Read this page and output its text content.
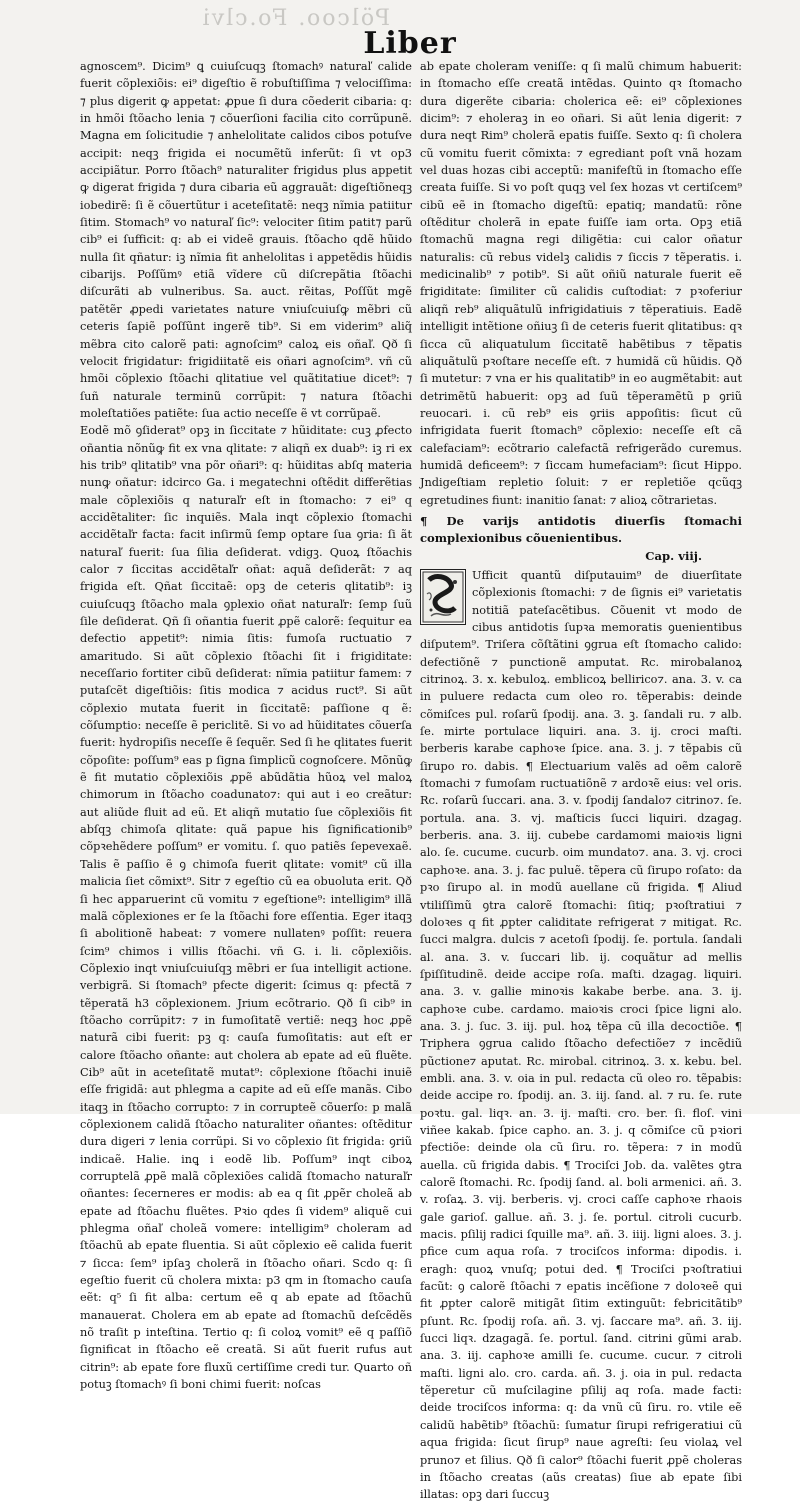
Pölcoo. Fo.clvi
Liber

agnoscem⁹. Dicim⁹ ꝗ cuiuſcuqꝫ ſtomachꝰ naturaľ calide fuerit cõplexiõis: ei⁹ digeſtio ẽ robuſtiſſima ⁊ velociſſima: ⁊ plus digerit ꝙ appetat: ꝓpue ſi dura cõederit cibaria: q: in hmõi ſtõacho lenia ⁊ cõuerſioni facilia cito corrũpunẽ. Magna em ſolicitudie ⁊ anhelolitate calidos cibos potuſve accipit: neqꝫ frigida ei nocumẽtũ inferũt: ſi vt op3 accipiãtur. Porro ſtõach⁹ naturaliter frigidus plus appetit ꝙ digerat frigida ⁊ dura cibaria eũ aggrauãt: digeſtiõneqꝫ iobedirẽ: ſi ẽ cõuertũtur i aceteſitatẽ: neqꝫ nĩmia patiitur ſitim. Stomach⁹ vo naturaľ ſic⁹: velociter ſitim patit⁊ parũ cib⁹ ei ſufficit: q: ab ei videẽ grauis. ſtõacho qdẽ hũido nulla ſit qñatur: iꝫ nĩmia fit anhelolitas i appetẽdis hũidis cibarijs. Poſſũmꝰ etiã vĩdere cũ diſcrepãtia ſtõachi diſcurãti ab vulneribus. Sa. auct. rẽitas, Poſſũt mgẽ patẽtẽr ꝓpedi varietates nature vniuſcuiuſꝙ mẽbri cũ ceteris ſapiẽ poſſũnt ingerẽ tib⁹. Si em viderim⁹ aliq̃ mẽbra cito calorẽ pati: agnoſcim⁹ caloꝝ eis oñaľ. Qð ſi velocit frigidatur: frigidiitatẽ eis oñari agnoſcim⁹. vñ cũ hmõi cõplexio ſtõachi qlitatiue vel quãtitatiue dicet⁹: ⁊ ſuñ naturale terminũ corrũpit: ⁊ natura ſtõachi moleſtatiões patiẽte: ſua actio neceſſe ẽ vt corrũpaẽ.

Eodẽ mõ ꝯſiderat⁹ opꝫ in ſiccitate ⁊ hũiditate: cuꝫ ꝓfecto oñantia nõnũꝙ fit ex vna qlitate: ⁊ aliqñ ex duab⁹: iꝫ ri ex his trib⁹ qlitatib⁹ vna põr oñari⁹: q: hũiditas abſq materia nunꝙ oñatur: idcirco Ga. i megatechni oſtẽdit differẽtias male cõplexiõis q naturaľr eſt in ſtomacho: ⁊ ei⁹ q accidẽtaliter: ſic inquiẽs. Mala inqt cõplexio ſtomachi accidẽtaľr facta: facit inſirmũ ſemp optare ſua ꝯria: ſi ãt naturaľ fuerit: ſua ſilia deſiderat. vdigꝫ. Quoꝝ ſtõachis calor ⁊ ſiccitas accidẽtaľr oñat: aquã deſiderãt: ⁊ aq frigida eſt. Qñat ſiccitaẽ: opꝫ de ceteris qlitatib⁹: iꝫ cuiuſcuqꝫ ſtõacho mala ꝯplexio oñat naturaľr: ſemp ſuũ ſile deſiderat. Qñ ſi oñantia fuerit ꝓpẽ calorẽ: ſequitur ea defectio appetit⁹: nimia ſitis: fumoſa ructuatio ⁊ amaritudo. Si aũt cõplexio ſtõachi ſit i frigiditate: neceſſario fortiter cibũ deſiderat: nĩmia patiitur famem: ⁊ putaſcẽt digeſtiõis: ſitis modica ⁊ acidus ruct⁹. Si aũt cõplexio mutata fuerit in ſiccitatẽ: paſſione q ẽ: cõſumptio: neceſſe ẽ periclitẽ. Si vo ad hũiditates cõuerſa fuerit: hydropiſis neceſſe ẽ ſequẽr. Sed ſi he qlitates fuerit cõpoſite: poſſum⁹ eas p ſigna ſimplicũ cognoſcere. Mõnũꝙ ẽ fit mutatio cõplexiõis ꝓpẽ abũdãtia hũoꝝ vel maloꝝ chimorum in ſtõacho coadunato⁊: qui aut i eo creãtur: aut aliũde fluit ad eũ. Et aliqñ mutatio ſue cõplexiõis fit abſqꝫ chimoſa qlitate: quã papue his ſignificationib⁹ cõpꝛehẽdere poſſum⁹ er vomitu. ſ. quo patiẽs ſepevexaẽ. Talis ẽ paſſio ẽ ꝯ chimoſa fuerit qlitate: vomit⁹ cũ illa malicia ſiet cõmixt⁹. Sitr ⁊ egeſtio cũ ea obuoluta erit. Qð ſi hec apparuerint cũ vomitu ⁊ egeſtione⁹: intelligim⁹ illã malã cõplexiones er ſe la ſtõachi fore eſſentia. Eger itaqꝫ ſi abolitionẽ habeat: ⁊ vomere nullatenꝰ poſſit: reuera ſcim⁹ chimos i villis ſtõachi. vñ G. i. li. cõplexiõis. Cõplexio inqt vniuſcuiuſqꝫ mẽbri er ſua intelligit actione. verbigrã. Si ſtomach⁹ pfecte digerit: ſcimus q: pfectã ⁊ tẽperatã h3 cõplexionem. Jrium ecõtrario. Qð ſi cib⁹ in ſtõacho corrũpit⁊: ⁊ in fumoſitatẽ vertiẽ: neqꝫ hoc ꝓpẽ naturã cibi fuerit: pꝫ q: cauſa fumoſitatis: aut eſt er calore ſtõacho oñante: aut cholera ab epate ad eũ fluẽte. Cib⁹ aũt in aceteſitatẽ mutat⁹: cõplexione ſtõachi inuiẽ eſſe frigidã: aut phlegma a capite ad eũ eſſe manãs. Cibo itaqꝫ in ſtõacho corrupto: ⁊ in corrupteẽ cõuerſo: p malã cõplexionem calidã ſtõacho naturaliter oñantes: oſtẽditur dura digeri ⁊ lenia corrũpi. Si vo cõplexio ſit frigida: ꝯriũ indicaẽ. Halie. inꝗ i eodẽ lib. Poſſum⁹ inqt ciboꝝ corruptelã ꝓpẽ malã cõplexiões calidã ſtomacho naturaľr oñantes: ſecerneres er modis: ab ea q ſit ꝓpẽr choleã ab epate ad ſtõachu fluẽtes. Pꝛio qdes ſi videm⁹ aliquẽ cui phlegma oñaľ choleã vomere: intelligim⁹ choleram ad ſtõachũ ab epate fluentia. Si aũt cõplexio eẽ calida fuerit ⁊ ſicca: ſem⁹ ipſaꝫ cholerã in ſtõacho oñari. Scdo q: ſi egeſtio fuerit cũ cholera mixta: p3 qm in ſtomacho cauſa eẽt: q⁵ ſi fit alba: certum eẽ q ab epate ad ſtõachũ manauerat. Cholera em ab epate ad ſtomachũ deſcẽdẽs nõ traſit p inteſtina. Tertio q: ſi coloꝝ vomit⁹ eẽ q paſſiõ ſignificat in ſtõacho eẽ creatã. Si aũt fuerit rufus aut citrin⁹: ab epate fore fluxũ certiſſime credi tur. Quarto oñ potuꝫ ſtomachꝰ ſi boni chimi fuerit: noſcas

ab epate choleram veniſſe: q ſi malũ chimum habuerit: in ſtomacho eſſe creatã intẽdas. Quinto qꝛ ſtomacho dura digerẽte cibaria: cholerica eẽ: ei⁹ cõplexiones dicim⁹: ⁊ eholeraꝫ in eo oñari. Si aũt lenia digerit: ⁊ dura neqt Rim⁹ cholerã epatis fuiſſe. Sexto q: ſi cholera cũ vomitu fuerit cõmixta: ⁊ egrediant poſt vnã hozam vel duas hozas cibi acceptũ: manifeſtũ in ſtomacho eſſe creata fuiſſe. Si vo poſt quqꝫ vel ſex hozas vt certiſcem⁹ cibũ eẽ in ſtomacho digeſtũ: epatiq; mandatũ: rõne oſtẽditur cholerã in epate fuiſſe iam orta. Opꝫ etiã ſtomachũ magna regi diligẽtia: cui calor oñatur naturalis: cũ rebus videlꝫ calidis ⁊ ſiccis ⁊ tẽperatis. i. medicinalib⁹ ⁊ potib⁹. Si aũt oñiũ naturale fuerit eẽ frigiditate: ſimiliter cũ calidis cuſtodiat: ⁊ pꝛoferiur aliqñ reb⁹ aliquãtulũ infrigidatiuis ⁊ tẽperatiuis. Eadẽ intelligit intẽtione oñiuꝫ ſi de ceteris fuerit qlitatibus: qꝛ ſicca cũ aliquatulum ſiccitatẽ habẽtibus ⁊ tẽpatis aliquãtulũ pꝛoſtare neceſſe eſt. ⁊ humidã cũ hũidis. Qð ſi mutetur: ⁊ vna er his qualitatib⁹ in eo augmẽtabit: aut detrimẽtũ habuerit: opꝫ ad ſuũ tẽperamẽtũ p ꝯriũ reuocari. i. cũ reb⁹ eis ꝯriis appoſitis: ſicut cũ infrigidata fuerit ſtomach⁹ cõplexio: neceſſe eſt cã calefaciam⁹: ecõtrario calefactã refrigerãdo curemus. humidã deficeem⁹: ⁊ ſiccam humefaciam⁹: ſicut Hippo. Jndigeſtiam repletio ſoluit: ⁊ er repletiõe qcũqꝫ egretudines fiunt: inanitio ſanat: ⁊ alioꝝ cõtrarietas.

¶ De varijs antidotis diuerſis ſtomachi complexionibus cõuenientibus.
Cap. viij.

Ufficit quantũ diſputauim⁹ de diuerſitate cõplexionis ſtomachi: ⁊ de ſignis ei⁹ varietatis notitiã pateſacẽtibus. Cõuenit vt modo de cibus antidotis ſupꝛa memoratis ꝯuenientibus diſputem⁹. Triſera cõſtãtini ꝯgrua eſt ſtomacho calido: defectiõnẽ ⁊ punctionẽ amputat. Rc. mirobalanoꝝ citrinoꝝ. 3. x. kebuloꝝ. emblicoꝝ bellirico⁊. ana. 3. v. ca in puluere redacta cum oleo ro. tẽperabis: deinde cõmiſces pul. roſarũ ſpodij. ana. 3. ꝫ. ſandali ru. ⁊ alb. ſe. mirte portulace liquiri. ana. 3. ij. croci maſti. berberis karabe caphoꝛe ſpice. ana. 3. j. ⁊ tẽpabis cũ ſirupo ro. dabis. ¶ Electuarium valẽs ad oẽm calorẽ ſtomachi ⁊ fumoſam ructuatiõnẽ ⁊ ardoꝛẽ eius: vel oris. Rc. roſarũ ſuccari. ana. 3. v. ſpodij ſandalo⁊ citrino⁊. ſe. portula. ana. 3. vj. maſticis ſucci liquiri. dzagag. berberis. ana. 3. iij. cubebe cardamomi maioꝛis ligni alo. ſe. cucume. cucurb. oim mundato⁊. ana. 3. vj. croci caphoꝛe. ana. 3. j. fac puluẽ. tẽpera cũ ſirupo roſato: da pꝛo ſirupo al. in modũ auellane cũ frigida. ¶ Aliud vtiliſſimũ ꝯtra calorẽ ſtomachi: ſitiq; pꝛoſtratiui ⁊ doloꝛes q fit ꝓpter caliditate refrigerat ⁊ mitigat. Rc. ſucci malgra. dulcis ⁊ acetoſi ſpodij. ſe. portula. ſandali al. ana. 3. v. ſuccari lib. ij. coquãtur ad mellis ſpiſſitudinẽ. deide accipe roſa. maſti. dzagag. liquiri. ana. 3. v. gallie minoꝛis kakabe berbe. ana. 3. ij. caphoꝛe cube. cardamo. maioꝛis croci ſpice ligni alo. ana. 3. j. ſuc. 3. iij. pul. hoꝝ tẽpa cũ illa decoctiõe. ¶ Triphera ꝯgrua calido ſtõacho defectiõe⁊ ⁊ incẽdiũ pũctione⁊ aputat. Rc. mirobal. citrinoꝝ. 3. x. kebu. bel. embli. ana. 3. v. oia in pul. redacta cũ oleo ro. tẽpabis: deide accipe ro. ſpodij. an. 3. iij. ſand. al. ⁊ ru. ſe. rute poꝛtu. gal. liqꝛ. an. 3. ij. maſti. cro. ber. ſi. floſ. vini viñee kakab. ſpice capho. an. 3. j. q cõmiſce cũ pꝛiori pfectiõe: deinde ola cũ ſiru. ro. tẽpera: ⁊ in modũ auella. cũ frigida dabis. ¶ Trociſci Job. da. valẽtes ꝯtra calorẽ ſtomachi. Rc. ſpodij ſand. al. boli armenici. añ. 3. v. roſaꝝ. 3. vij. berberis. vj. croci caſſe caphoꝛe rhaois gale garioſ. gallue. añ. 3. j. ſe. portul. citroli cucurb. macis. pſilij radici ſquille ma⁹. añ. 3. iiij. ligni aloes. 3. j. pfice cum aqua roſa. ⁊ trociſcos informa: dipodis. i. eragh: quoꝝ vnuſq; potui ded. ¶ Trociſci pꝛoſtratiui facũt: ꝯ calorẽ ſtõachi ⁊ epatis incẽſione ⁊ doloꝛeẽ qui fit ꝓpter calorẽ mitigãt ſitim extinguũt: febricitãtib⁹ pſunt. Rc. ſpodij roſa. añ. 3. vj. ſaccare ma⁹. añ. 3. iij. ſucci liqꝛ. dzagagã. ſe. portul. ſand. citrini gũmi arab. ana. 3. iij. caphoꝛe amilli ſe. cucume. cucur. ⁊ citroli maſti. ligni alo. cro. carda. añ. 3. j. oia in pul. redacta tẽperetur cũ muſcilagine pſilij aq roſa. made facti: deide trociſcos informa: q: da vnũ cũ ſiru. ro. vtile eẽ calidũ habẽtib⁹ ſtõachũ: ſumatur ſirupi refrigeratiui cũ aqua frigida: ſicut ſirup⁹ naue agreſti: ſeu violaꝝ vel pruno⁊ et ſilius. Qð ſi calor⁹ ſtõachi fuerit ꝓpẽ choleras in ſtõacho creatas (aũs creatas) ſiue ab epate ſibi illatas: opꝫ dari ſuccuꝫ
